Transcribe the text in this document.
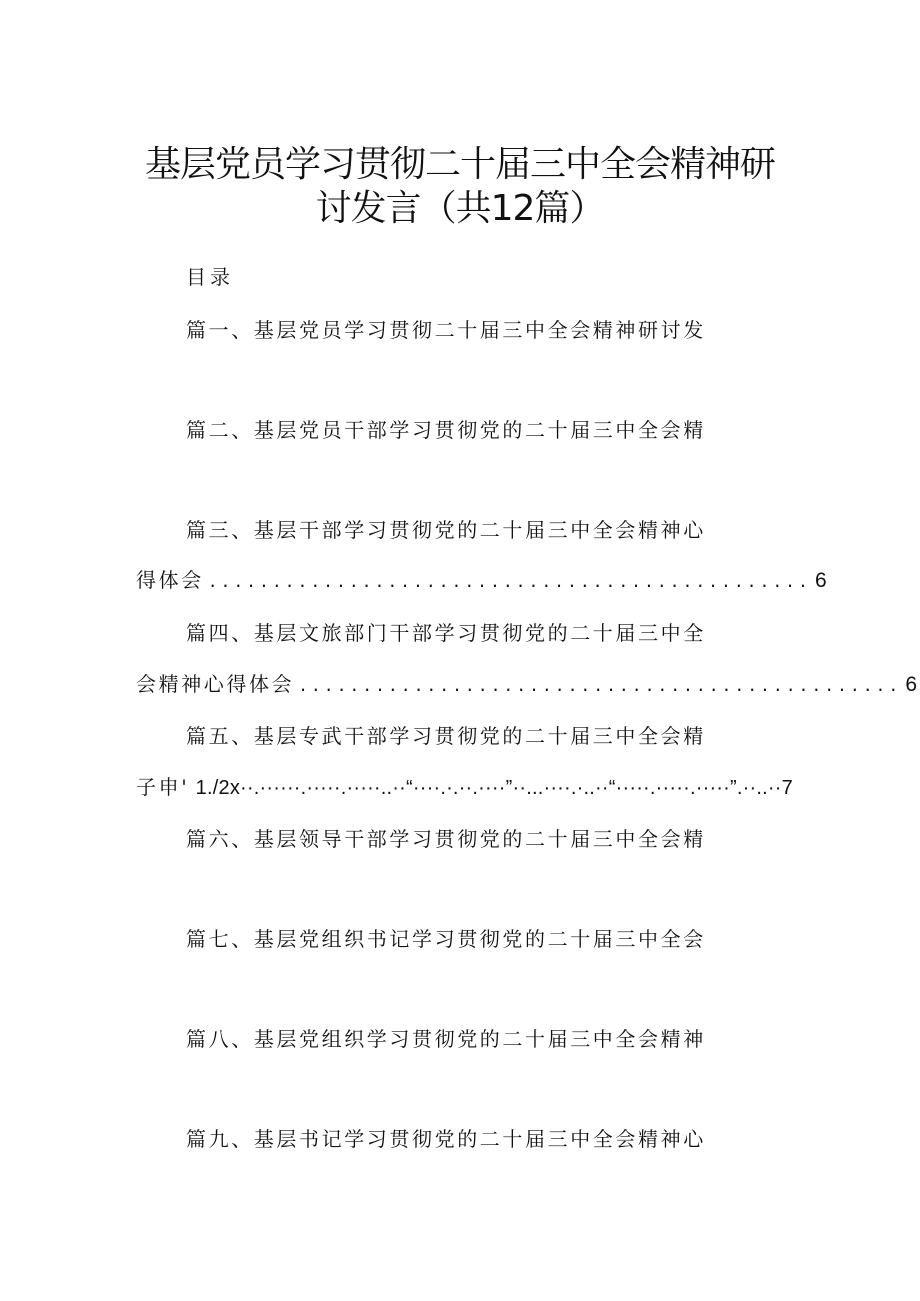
基层党员学习贯彻二十届三中全会精神研
讨发言（共12篇）
目录
篇一、基层党员学习贯彻二十届三中全会精神研讨发
篇二、基层党员干部学习贯彻党的二十届三中全会精
篇三、基层干部学习贯彻党的二十届三中全会精神心
得体会 ............................................... 6
篇四、基层文旅部门干部学习贯彻党的二十届三中全
会精神心得体会 ............................................... 6
篇五、基层专武干部学习贯彻党的二十届三中全会精
子申' 1./2x··.······.·····.·····..··“····.·.··.····”··...····.·..··“·····.·····.·····”.··..··7
篇六、基层领导干部学习贯彻党的二十届三中全会精
篇七、基层党组织书记学习贯彻党的二十届三中全会
篇八、基层党组织学习贯彻党的二十届三中全会精神
篇九、基层书记学习贯彻党的二十届三中全会精神心
